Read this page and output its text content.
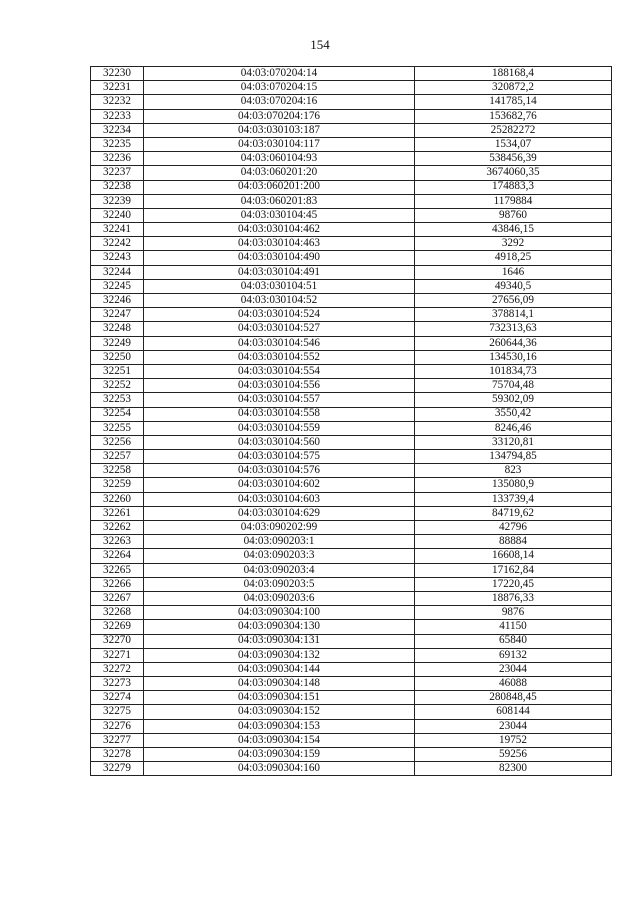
154
32230	04:03:070204:14	188168,4
32231	04:03:070204:15	320872,2
32232	04:03:070204:16	141785,14
32233	04:03:070204:176	153682,76
32234	04:03:030103:187	25282272
32235	04:03:030104:117	1534,07
32236	04:03:060104:93	538456,39
32237	04:03:060201:20	3674060,35
32238	04:03:060201:200	174883,3
32239	04:03:060201:83	1179884
32240	04:03:030104:45	98760
32241	04:03:030104:462	43846,15
32242	04:03:030104:463	3292
32243	04:03:030104:490	4918,25
32244	04:03:030104:491	1646
32245	04:03:030104:51	49340,5
32246	04:03:030104:52	27656,09
32247	04:03:030104:524	378814,1
32248	04:03:030104:527	732313,63
32249	04:03:030104:546	260644,36
32250	04:03:030104:552	134530,16
32251	04:03:030104:554	101834,73
32252	04:03:030104:556	75704,48
32253	04:03:030104:557	59302,09
32254	04:03:030104:558	3550,42
32255	04:03:030104:559	8246,46
32256	04:03:030104:560	33120,81
32257	04:03:030104:575	134794,85
32258	04:03:030104:576	823
32259	04:03:030104:602	135080,9
32260	04:03:030104:603	133739,4
32261	04:03:030104:629	84719,62
32262	04:03:090202:99	42796
32263	04:03:090203:1	88884
32264	04:03:090203:3	16608,14
32265	04:03:090203:4	17162,84
32266	04:03:090203:5	17220,45
32267	04:03:090203:6	18876,33
32268	04:03:090304:100	9876
32269	04:03:090304:130	41150
32270	04:03:090304:131	65840
32271	04:03:090304:132	69132
32272	04:03:090304:144	23044
32273	04:03:090304:148	46088
32274	04:03:090304:151	280848,45
32275	04:03:090304:152	608144
32276	04:03:090304:153	23044
32277	04:03:090304:154	19752
32278	04:03:090304:159	59256
32279	04:03:090304:160	82300
